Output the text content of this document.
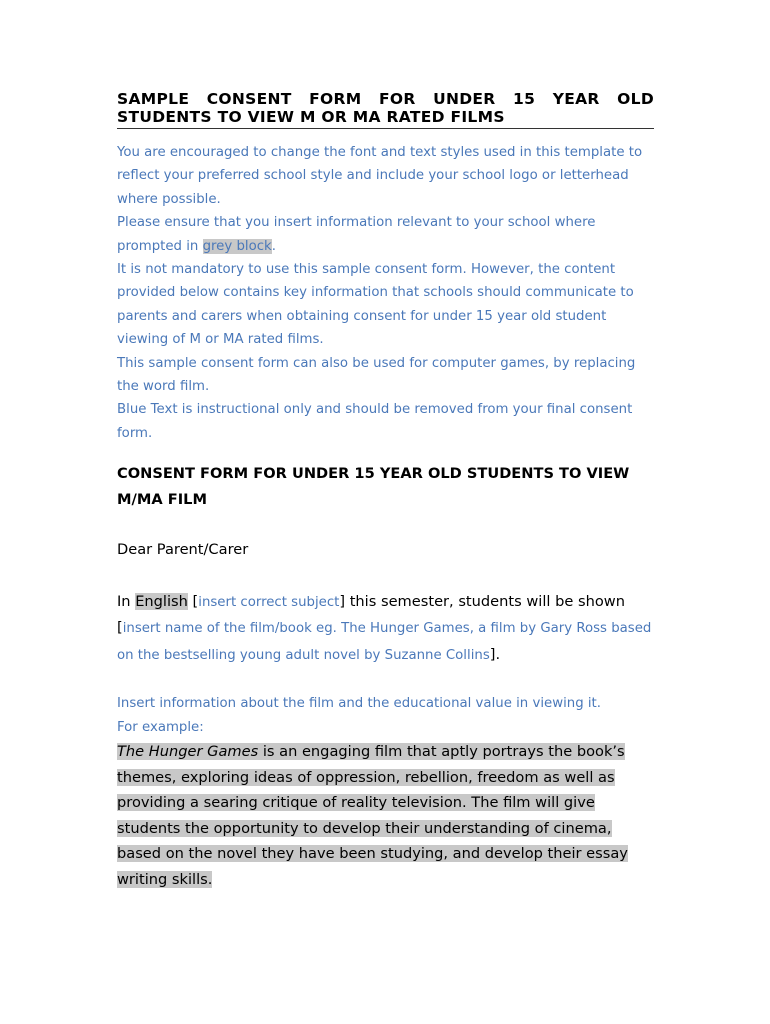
SAMPLE CONSENT FORM FOR UNDER 15 YEAR OLD

STUDENTS TO VIEW M OR MA RATED FILMS

You are encouraged to change the font and text styles used in this template to reflect your preferred school style and include your school logo or letterhead where possible.

Please ensure that you insert information relevant to your school where prompted in grey block.

It is not mandatory to use this sample consent form. However, the content provided below contains key information that schools should communicate to parents and carers when obtaining consent for under 15 year old student viewing of M or MA rated films.

This sample consent form can also be used for computer games, by replacing the word film.

Blue Text is instructional only and should be removed from your final consent form.

CONSENT FORM FOR UNDER 15 YEAR OLD STUDENTS TO VIEW M/MA FILM

Dear Parent/Carer

In English [insert correct subject] this semester, students will be shown [insert name of the film/book eg. The Hunger Games, a film by Gary Ross based on the bestselling young adult novel by Suzanne Collins].

Insert information about the film and the educational value in viewing it.
For example:

The Hunger Games is an engaging film that aptly portrays the book’s themes, exploring ideas of oppression, rebellion, freedom as well as providing a searing critique of reality television. The film will give students the opportunity to develop their understanding of cinema, based on the novel they have been studying, and develop their essay writing skills.
